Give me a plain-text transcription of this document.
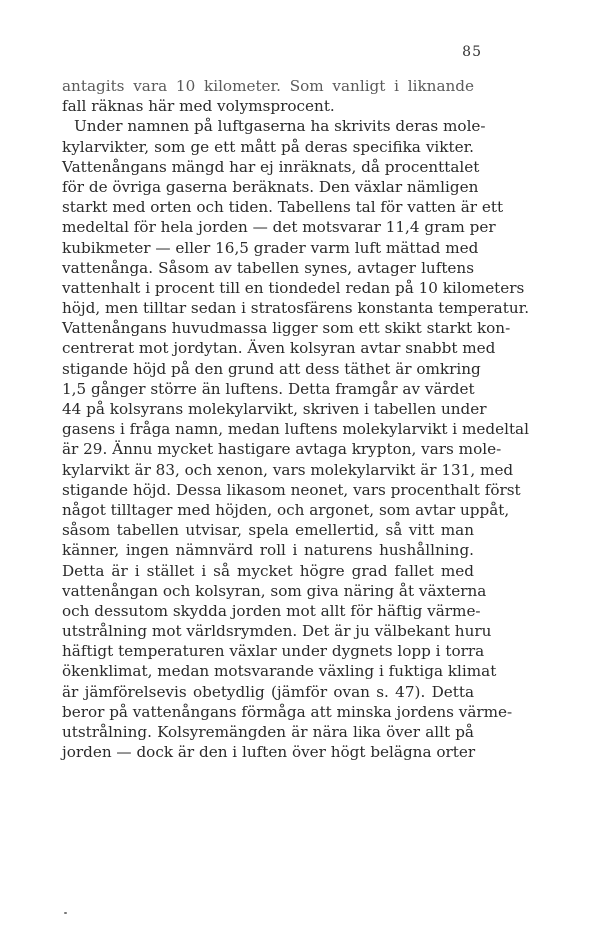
85
antagits vara 10 kilometer. Som vanligt i liknande
fall räknas här med volymsprocent.
Under namnen på luftgaserna ha skrivits deras mole-
kylarvikter, som ge ett mått på deras specifika vikter.
Vattenångans mängd har ej inräknats, då procenttalet
för de övriga gaserna beräknats. Den växlar nämligen
starkt med orten och tiden. Tabellens tal för vatten är ett
medeltal för hela jorden — det motsvarar 11,4 gram per
kubikmeter — eller 16,5 grader varm luft mättad med
vattenånga. Såsom av tabellen synes, avtager luftens
vattenhalt i procent till en tiondedel redan på 10 kilometers
höjd, men tilltar sedan i stratosfärens konstanta temperatur.
Vattenångans huvudmassa ligger som ett skikt starkt kon-
centrerat mot jordytan. Även kolsyran avtar snabbt med
stigande höjd på den grund att dess täthet är omkring
1,5 gånger större än luftens. Detta framgår av värdet
44 på kolsyrans molekylarvikt, skriven i tabellen under
gasens i fråga namn, medan luftens molekylarvikt i medeltal
är 29. Ännu mycket hastigare avtaga krypton, vars mole-
kylarvikt är 83, och xenon, vars molekylarvikt är 131, med
stigande höjd. Dessa likasom neonet, vars procenthalt först
något tilltager med höjden, och argonet, som avtar uppåt,
såsom tabellen utvisar, spela emellertid, så vitt man
känner, ingen nämnvärd roll i naturens hushållning.
Detta är i stället i så mycket högre grad fallet med
vattenångan och kolsyran, som giva näring åt växterna
och dessutom skydda jorden mot allt för häftig värme-
utstrålning mot världsrymden. Det är ju välbekant huru
häftigt temperaturen växlar under dygnets lopp i torra
ökenklimat, medan motsvarande växling i fuktiga klimat
är jämförelsevis obetydlig (jämför ovan s. 47). Detta
beror på vattenångans förmåga att minska jordens värme-
utstrålning. Kolsyremängden är nära lika över allt på
jorden — dock är den i luften över högt belägna orter
